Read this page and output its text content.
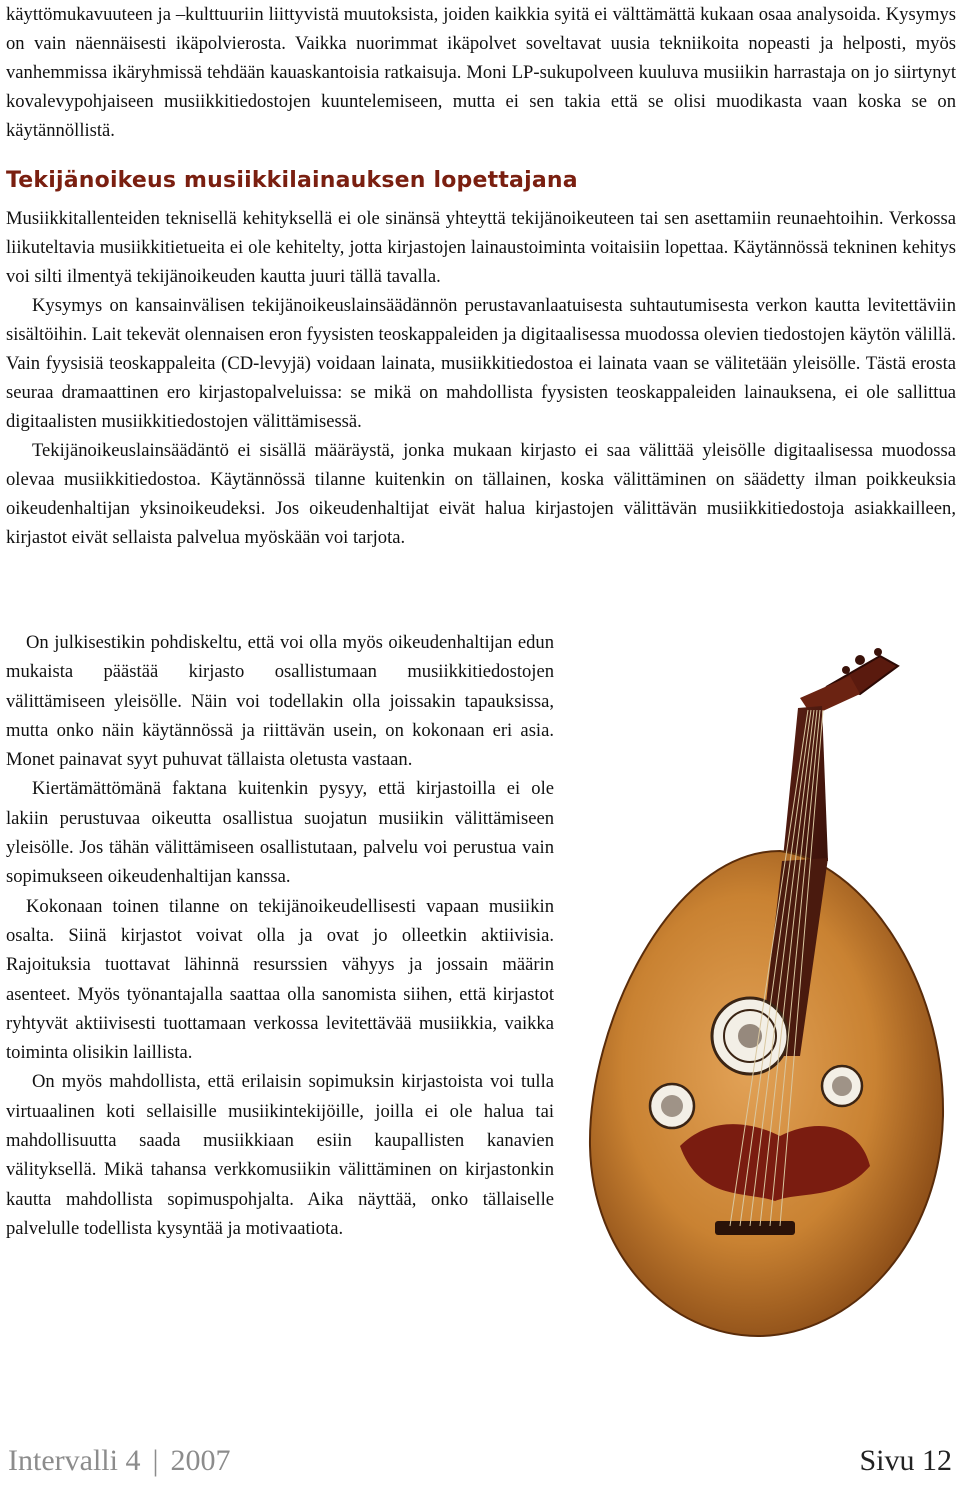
käyttömukavuuteen ja –kulttuuriin liittyvistä muutoksista, joiden kaikkia syitä ei välttämättä kukaan osaa analysoida. Kysymys on vain näennäisesti ikäpolvierosta. Vaikka nuorimmat ikäpolvet soveltavat uusia tekniikoita nopeasti ja helposti, myös vanhemmissa ikäryhmissä tehdään kauaskantoisia ratkaisuja. Moni LP-sukupolveen kuuluva musiikin harrastaja on jo siirtynyt kovalevypohjaiseen musiikkitiedostojen kuuntelemiseen, mutta ei sen takia että se olisi muodikasta vaan koska se on käytännöllistä.

Tekijänoikeus musiikkilainauksen lopettajana

Musiikkitallenteiden teknisellä kehityksellä ei ole sinänsä yhteyttä tekijänoikeuteen tai sen asettamiin reunaehtoihin. Verkossa liikuteltavia musiikkitietueita ei ole kehitelty, jotta kirjastojen lainaustoiminta voitaisiin lopettaa. Käytännössä tekninen kehitys voi silti ilmentyä tekijänoikeuden kautta juuri tällä tavalla.

Kysymys on kansainvälisen tekijänoikeuslainsäädännön perustavanlaatuisesta suhtautumisesta verkon kautta levitettäviin sisältöihin. Lait tekevät olennaisen eron fyysisten teoskappaleiden ja digitaalisessa muodossa olevien tiedostojen käytön välillä. Vain fyysisiä teoskappaleita (CD-levyjä) voidaan lainata, musiikkitiedostoa ei lainata vaan se välitetään yleisölle. Tästä erosta seuraa dramaattinen ero kirjastopalveluissa: se mikä on mahdollista fyysisten teoskappaleiden lainauksena, ei ole sallittua digitaalisten musiikkitiedostojen välittämisessä.

Tekijänoikeuslainsäädäntö ei sisällä määräystä, jonka mukaan kirjasto ei saa välittää yleisölle digitaalisessa muodossa olevaa musiikkitiedostoa. Käytännössä tilanne kuitenkin on tällainen, koska välittäminen on säädetty ilman poikkeuksia oikeudenhaltijan yksinoikeudeksi. Jos oikeudenhaltijat eivät halua kirjastojen välittävän musiikkitiedostoja asiakkailleen, kirjastot eivät sellaista palvelua myöskään voi tarjota.

On julkisestikin pohdiskeltu, että voi olla myös oikeudenhaltijan edun mukaista päästää kirjasto osallistumaan musiikkitiedostojen välittämiseen yleisölle. Näin voi todellakin olla joissakin tapauksissa, mutta onko näin käytännössä ja riittävän usein, on kokonaan eri asia. Monet painavat syyt puhuvat tällaista oletusta vastaan.

Kiertämättömänä faktana kuitenkin pysyy, että kirjastoilla ei ole lakiin perustuvaa oikeutta osallistua suojatun musiikin välittämiseen yleisölle. Jos tähän välittämiseen osallistutaan, palvelu voi perustua vain sopimukseen oikeudenhaltijan kanssa.

Kokonaan toinen tilanne on tekijänoikeudellisesti vapaan musiikin osalta. Siinä kirjastot voivat olla ja ovat jo olleetkin aktiivisia. Rajoituksia tuottavat lähinnä resurssien vähyys ja jossain määrin asenteet. Myös työnantajalla saattaa olla sanomista siihen, että kirjastot ryhtyvät aktiivisesti tuottamaan verkossa levitettävää musiikkia, vaikka toiminta olisikin laillista.

On myös mahdollista, että erilaisin sopimuksin kirjastoista voi tulla virtuaalinen koti sellaisille musiikintekijöille, joilla ei ole halua tai mahdollisuutta saada musiikkiaan esiin kaupallisten kanavien välityksellä. Mikä tahansa verkkomusiikin välittäminen on kirjastonkin kautta mahdollista sopimuspohjalta. Aika näyttää, onko tällaiselle palvelulle todellista kysyntää ja motivaatiota.

Intervalli 4 | 2007	Sivu 12
